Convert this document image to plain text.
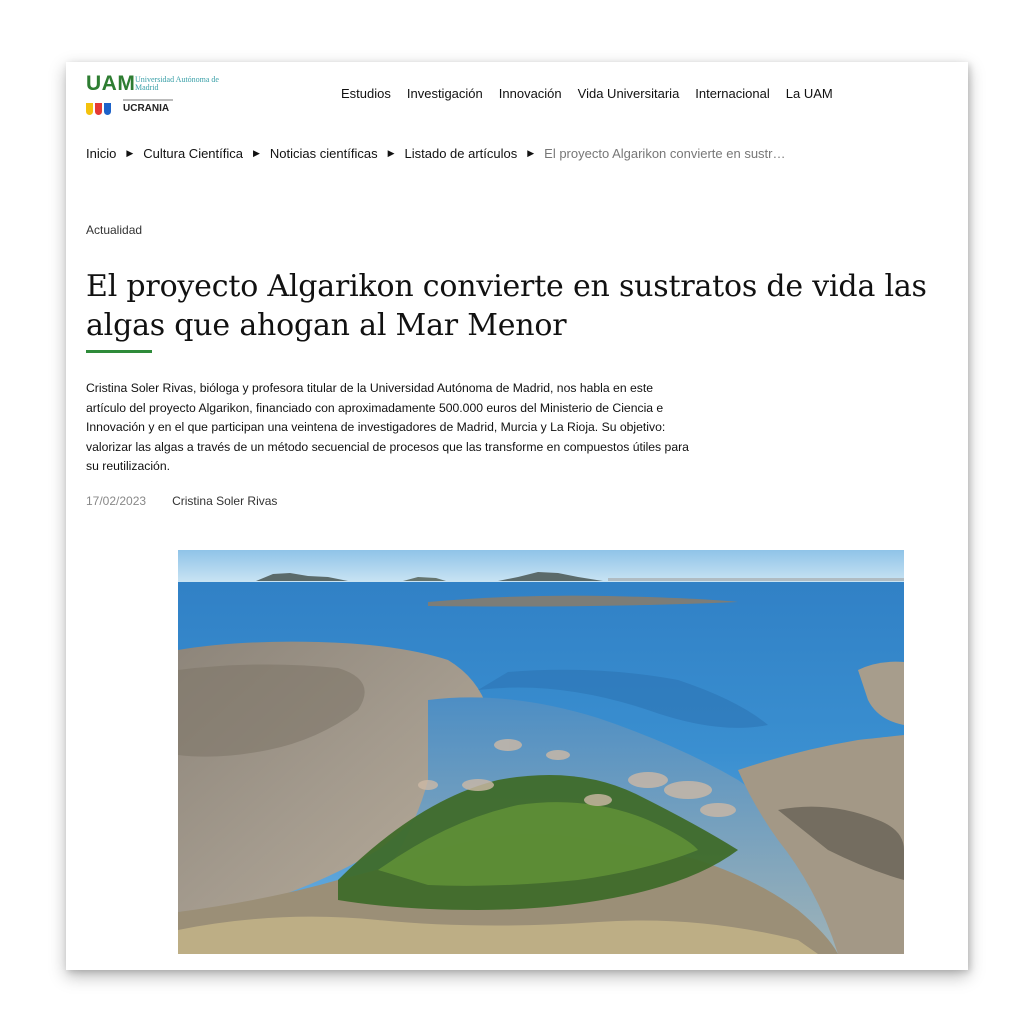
UAM Universidad Autónoma de Madrid
UCRANIA
Estudios Investigación Innovación Vida Universitaria Internacional La UAM
Inicio ▶ Cultura Científica ▶ Noticias científicas ▶ Listado de artículos ▶ El proyecto Algarikon convierte en sustr…
Actualidad
El proyecto Algarikon convierte en sustratos de vida las algas que ahogan al Mar Menor

Cristina Soler Rivas, bióloga y profesora titular de la Universidad Autónoma de Madrid, nos habla en este artículo del proyecto Algarikon, financiado con aproximadamente 500.000 euros del Ministerio de Ciencia e Innovación y en el que participan una veintena de investigadores de Madrid, Murcia y La Rioja. Su objetivo: valorizar las algas a través de un método secuencial de procesos que las transforme en compuestos útiles para su reutilización.

17/02/2023 Cristina Soler Rivas
